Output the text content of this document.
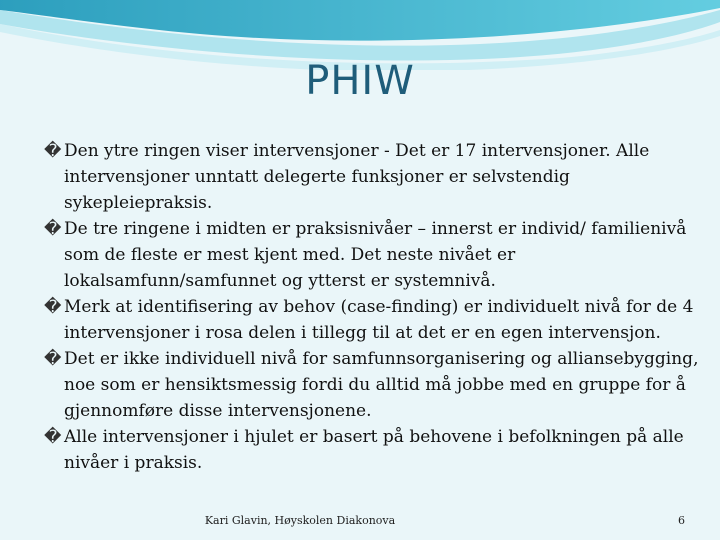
PHIW
� Den ytre ringen viser intervensjoner - Det er 17 intervensjoner. Alle intervensjoner unntatt delegerte funksjoner er selvstendig sykepleiepraksis.
� De tre ringene i midten er praksisnivåer – innerst er individ/ familienivå som de fleste er mest kjent med. Det neste nivået er lokalsamfunn/samfunnet og ytterst er systemnivå.
� Merk at identifisering av behov (case-finding) er individuelt nivå for de 4 intervensjoner i rosa delen i tillegg til at det er en egen intervensjon.
� Det er ikke individuell nivå for samfunnsorganisering og alliansebygging, noe som er hensiktsmessig fordi du alltid må jobbe med en gruppe for å gjennomføre disse intervensjonene.
� Alle intervensjoner i hjulet er basert på behovene i befolkningen på alle nivåer i praksis.
Kari Glavin, Høyskolen Diakonova	6
